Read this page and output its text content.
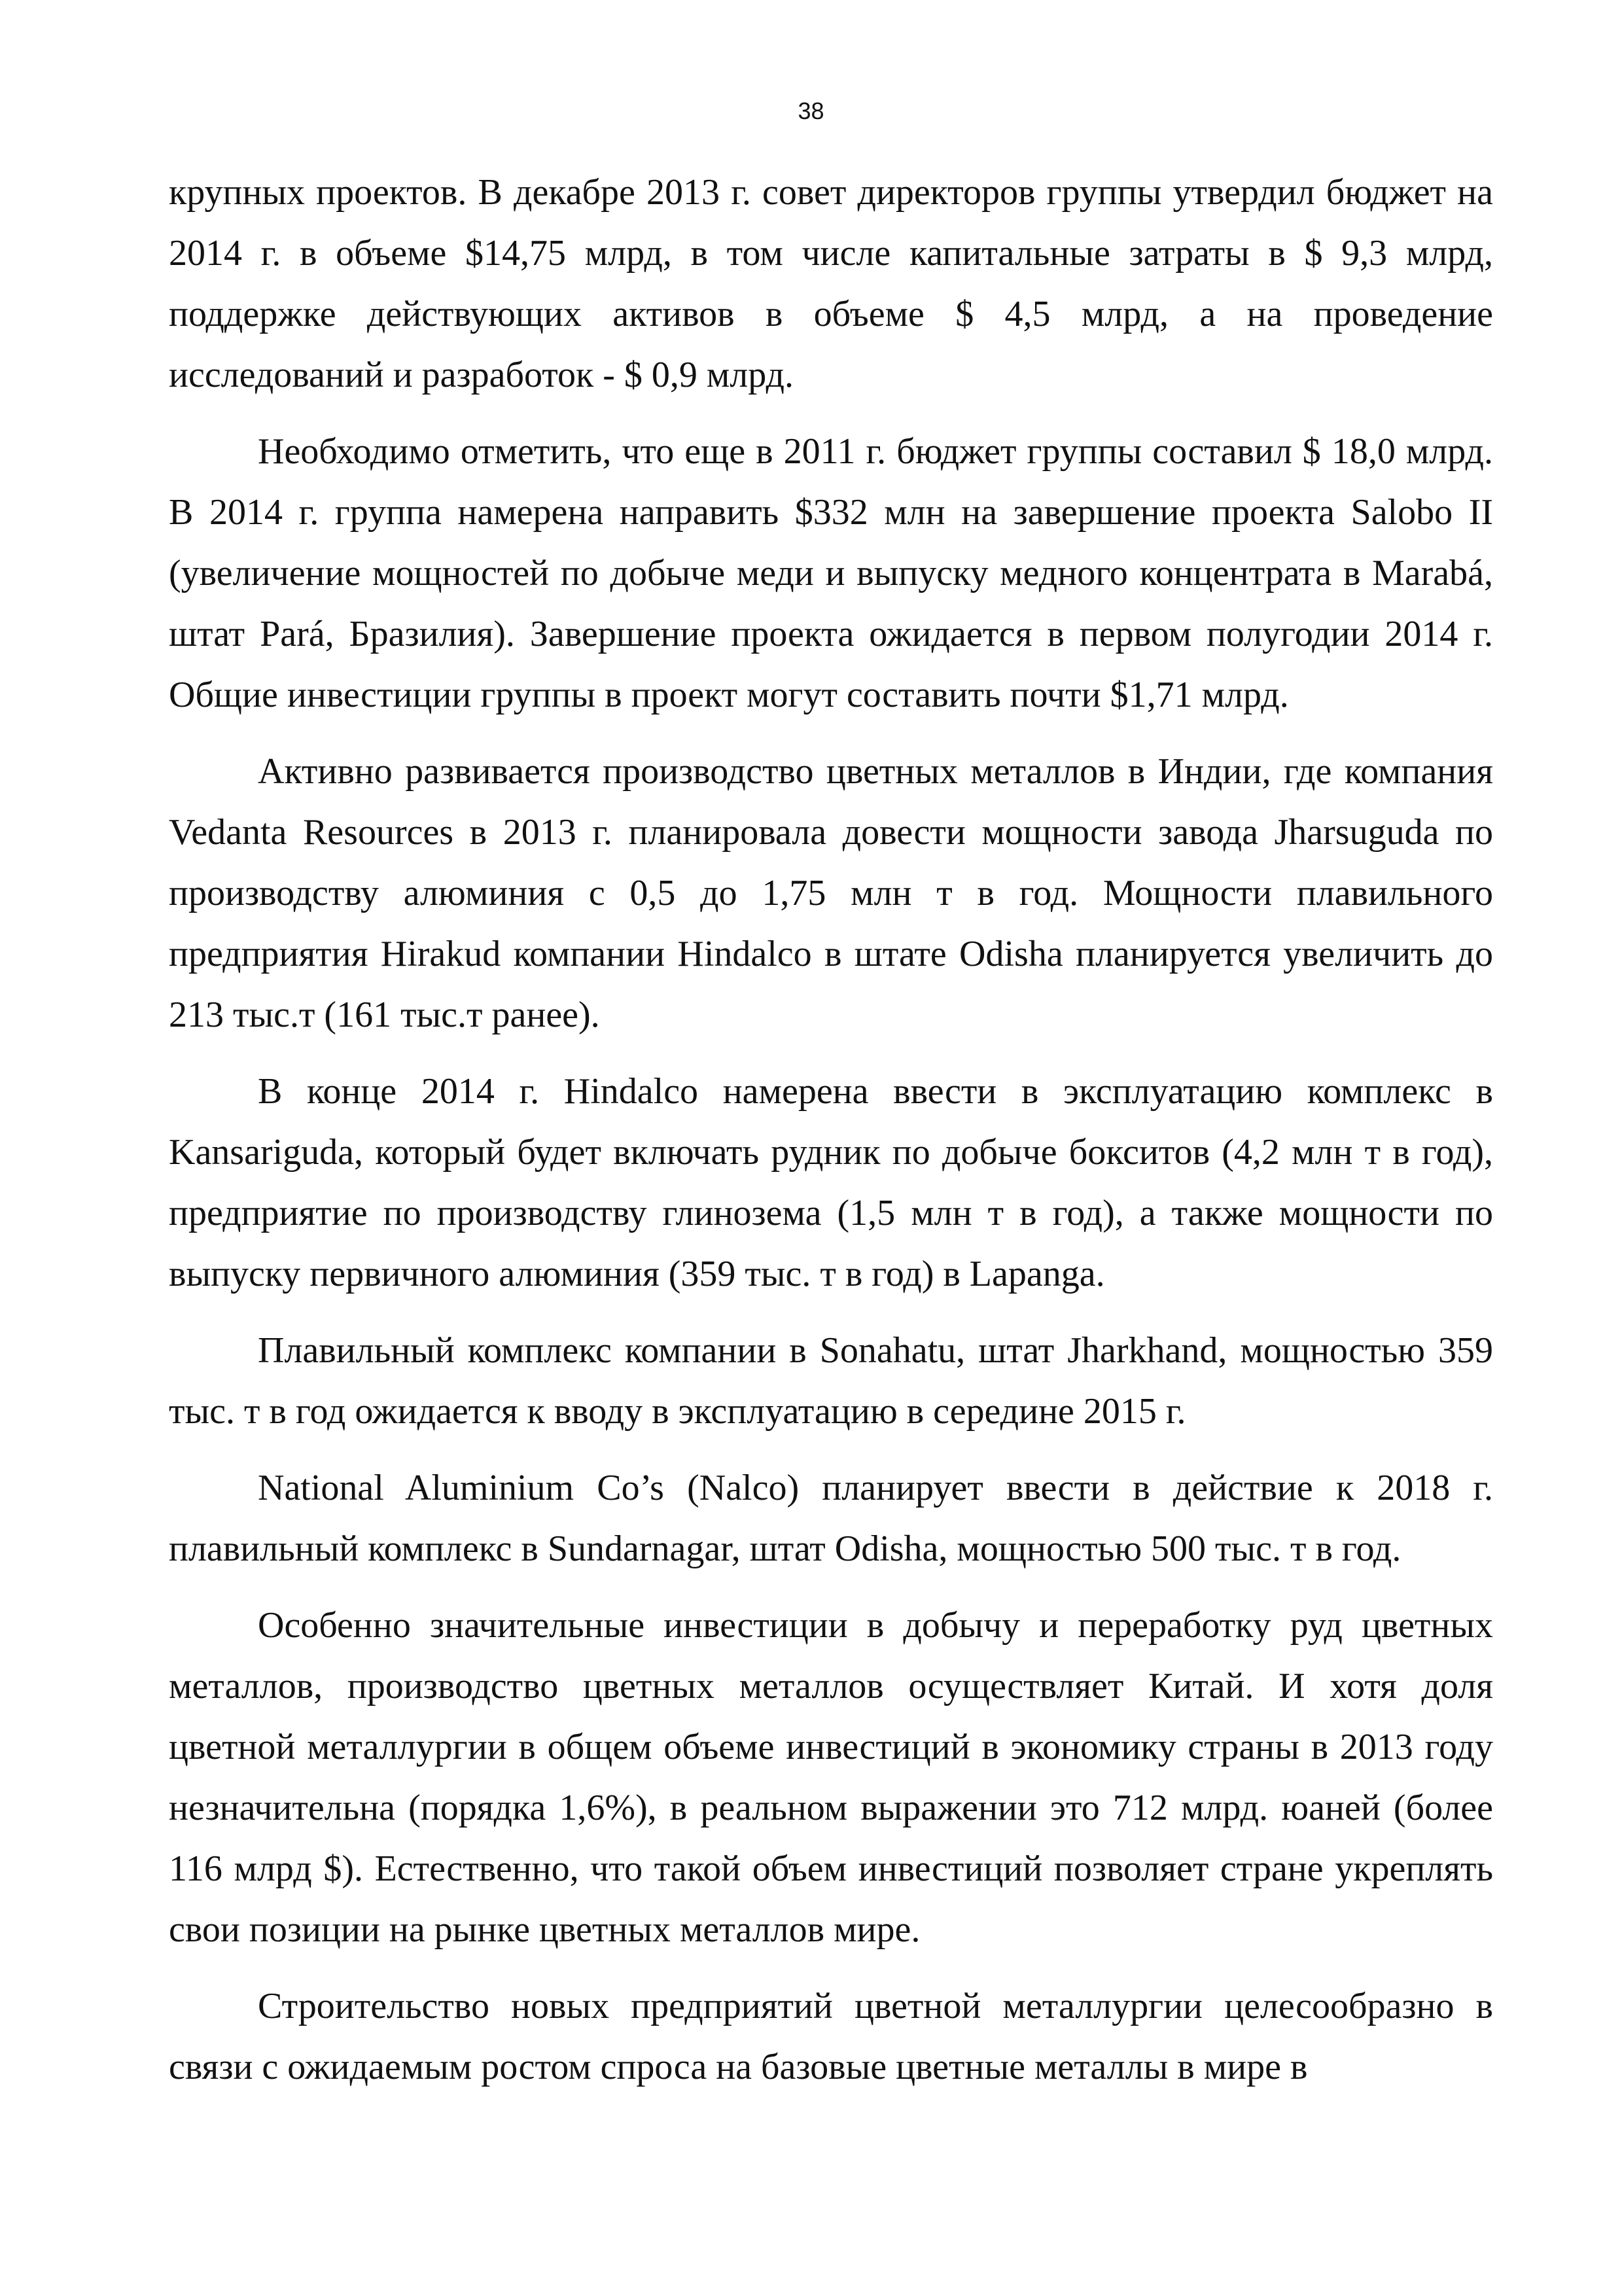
38

крупных проектов. В декабре 2013 г. совет директоров группы утвердил бюджет на 2014 г. в объеме $14,75 млрд, в том числе капитальные затраты в $ 9,3 млрд, поддержке действующих активов в объеме $ 4,5 млрд, а на проведение исследований и разработок - $ 0,9 млрд.

Необходимо отметить, что еще в 2011 г. бюджет группы составил $ 18,0 млрд. В 2014 г. группа намерена направить $332 млн на завершение проекта Salobo II (увеличение мощностей по добыче меди и выпуску медного концентрата в Marabá, штат Pará, Бразилия). Завершение проекта ожидается в первом полугодии 2014 г. Общие инвестиции группы в проект могут составить почти $1,71 млрд.

Активно развивается производство цветных металлов в Индии, где компания Vedanta Resources в 2013 г. планировала довести мощности завода Jharsuguda по производству алюминия с 0,5 до 1,75 млн т в год. Мощности плавильного предприятия Hirakud компании Hindalco в штате Odisha планируется увеличить до 213 тыс.т (161 тыс.т ранее).

В конце 2014 г. Hindalco намерена ввести в эксплуатацию комплекс в Kansariguda, который будет включать рудник по добыче бокситов (4,2 млн т в год), предприятие по производству глинозема (1,5 млн т в год), а также мощности по выпуску первичного алюминия (359 тыс. т в год) в Lapanga.

Плавильный комплекс компании в Sonahatu, штат Jharkhand, мощностью 359 тыс. т в год ожидается к вводу в эксплуатацию в середине 2015 г.

National Aluminium Co’s (Nalco) планирует ввести в действие к 2018 г. плавильный комплекс в Sundarnagar, штат Odisha, мощностью 500 тыс. т в год.

Особенно значительные инвестиции в добычу и переработку руд цветных металлов, производство цветных металлов осуществляет Китай. И хотя доля цветной металлургии в общем объеме инвестиций в экономику страны в 2013 году незначительна (порядка 1,6%), в реальном выражении это 712 млрд. юаней (более 116 млрд $). Естественно, что такой объем инвестиций позволяет стране укреплять свои позиции на рынке цветных металлов мире.

Строительство новых предприятий цветной металлургии целесообразно в связи с ожидаемым ростом спроса на базовые цветные металлы в мире в
